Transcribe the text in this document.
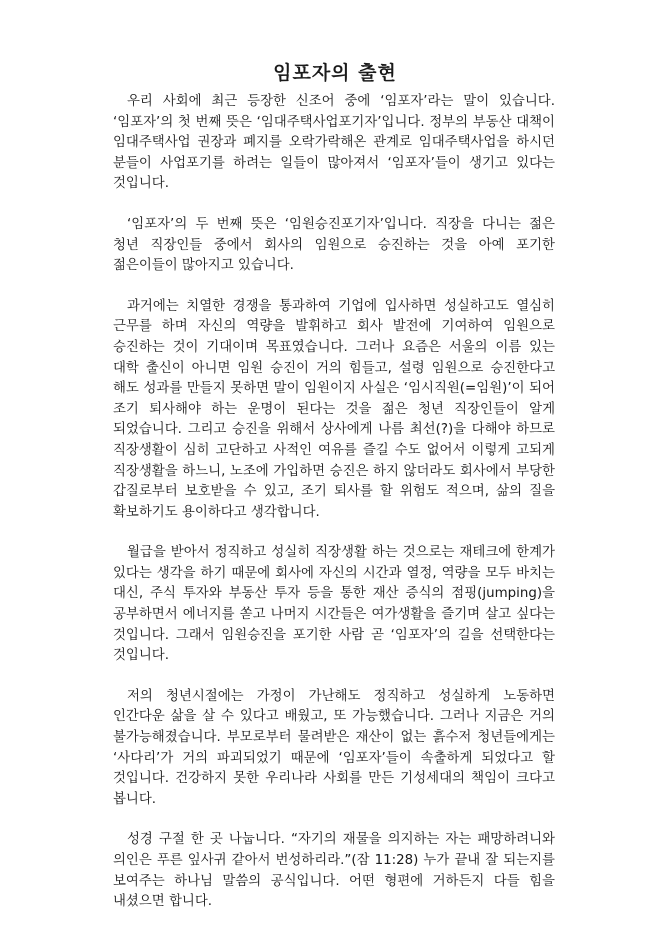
임포자의 출현

우리 사회에 최근 등장한 신조어 중에 ‘임포자’라는 말이 있습니다. ‘임포자’의 첫 번째 뜻은 ‘임대주택사업포기자’입니다. 정부의 부동산 대책이 임대주택사업 권장과 폐지를 오락가락해온 관계로 임대주택사업을 하시던 분들이 사업포기를 하려는 일들이 많아져서 ‘임포자’들이 생기고 있다는 것입니다.

‘임포자’의 두 번째 뜻은 ‘임원승진포기자’입니다. 직장을 다니는 젊은 청년 직장인들 중에서 회사의 임원으로 승진하는 것을 아예 포기한 젊은이들이 많아지고 있습니다.

과거에는 치열한 경쟁을 통과하여 기업에 입사하면 성실하고도 열심히 근무를 하며 자신의 역량을 발휘하고 회사 발전에 기여하여 임원으로 승진하는 것이 기대이며 목표였습니다. 그러나 요즘은 서울의 이름 있는 대학 출신이 아니면 임원 승진이 거의 힘들고, 설령 임원으로 승진한다고 해도 성과를 만들지 못하면 말이 임원이지 사실은 ‘임시직원(=임원)’이 되어 조기 퇴사해야 하는 운명이 된다는 것을 젊은 청년 직장인들이 알게 되었습니다. 그리고 승진을 위해서 상사에게 나름 최선(?)을 다해야 하므로 직장생활이 심히 고단하고 사적인 여유를 즐길 수도 없어서 이렇게 고되게 직장생활을 하느니, 노조에 가입하면 승진은 하지 않더라도 회사에서 부당한 갑질로부터 보호받을 수 있고, 조기 퇴사를 할 위험도 적으며, 삶의 질을 확보하기도 용이하다고 생각합니다.

월급을 받아서 정직하고 성실히 직장생활 하는 것으로는 재테크에 한계가 있다는 생각을 하기 때문에 회사에 자신의 시간과 열정, 역량을 모두 바치는 대신, 주식 투자와 부동산 투자 등을 통한 재산 증식의 점핑(jumping)을 공부하면서 에너지를 쏟고 나머지 시간들은 여가생활을 즐기며 살고 싶다는 것입니다. 그래서 임원승진을 포기한 사람 곧 ‘임포자’의 길을 선택한다는 것입니다.

저의 청년시절에는 가정이 가난해도 정직하고 성실하게 노동하면 인간다운 삶을 살 수 있다고 배웠고, 또 가능했습니다. 그러나 지금은 거의 불가능해졌습니다. 부모로부터 물려받은 재산이 없는 흙수저 청년들에게는 ‘사다리’가 거의 파괴되었기 때문에 ‘임포자’들이 속출하게 되었다고 할 것입니다. 건강하지 못한 우리나라 사회를 만든 기성세대의 책임이 크다고 봅니다.

성경 구절 한 곳 나눕니다. “자기의 재물을 의지하는 자는 패망하려니와 의인은 푸른 잎사귀 같아서 번성하리라.”(잠 11:28) 누가 끝내 잘 되는지를 보여주는 하나님 말씀의 공식입니다. 어떤 형편에 거하든지 다들 힘을 내셨으면 합니다.
